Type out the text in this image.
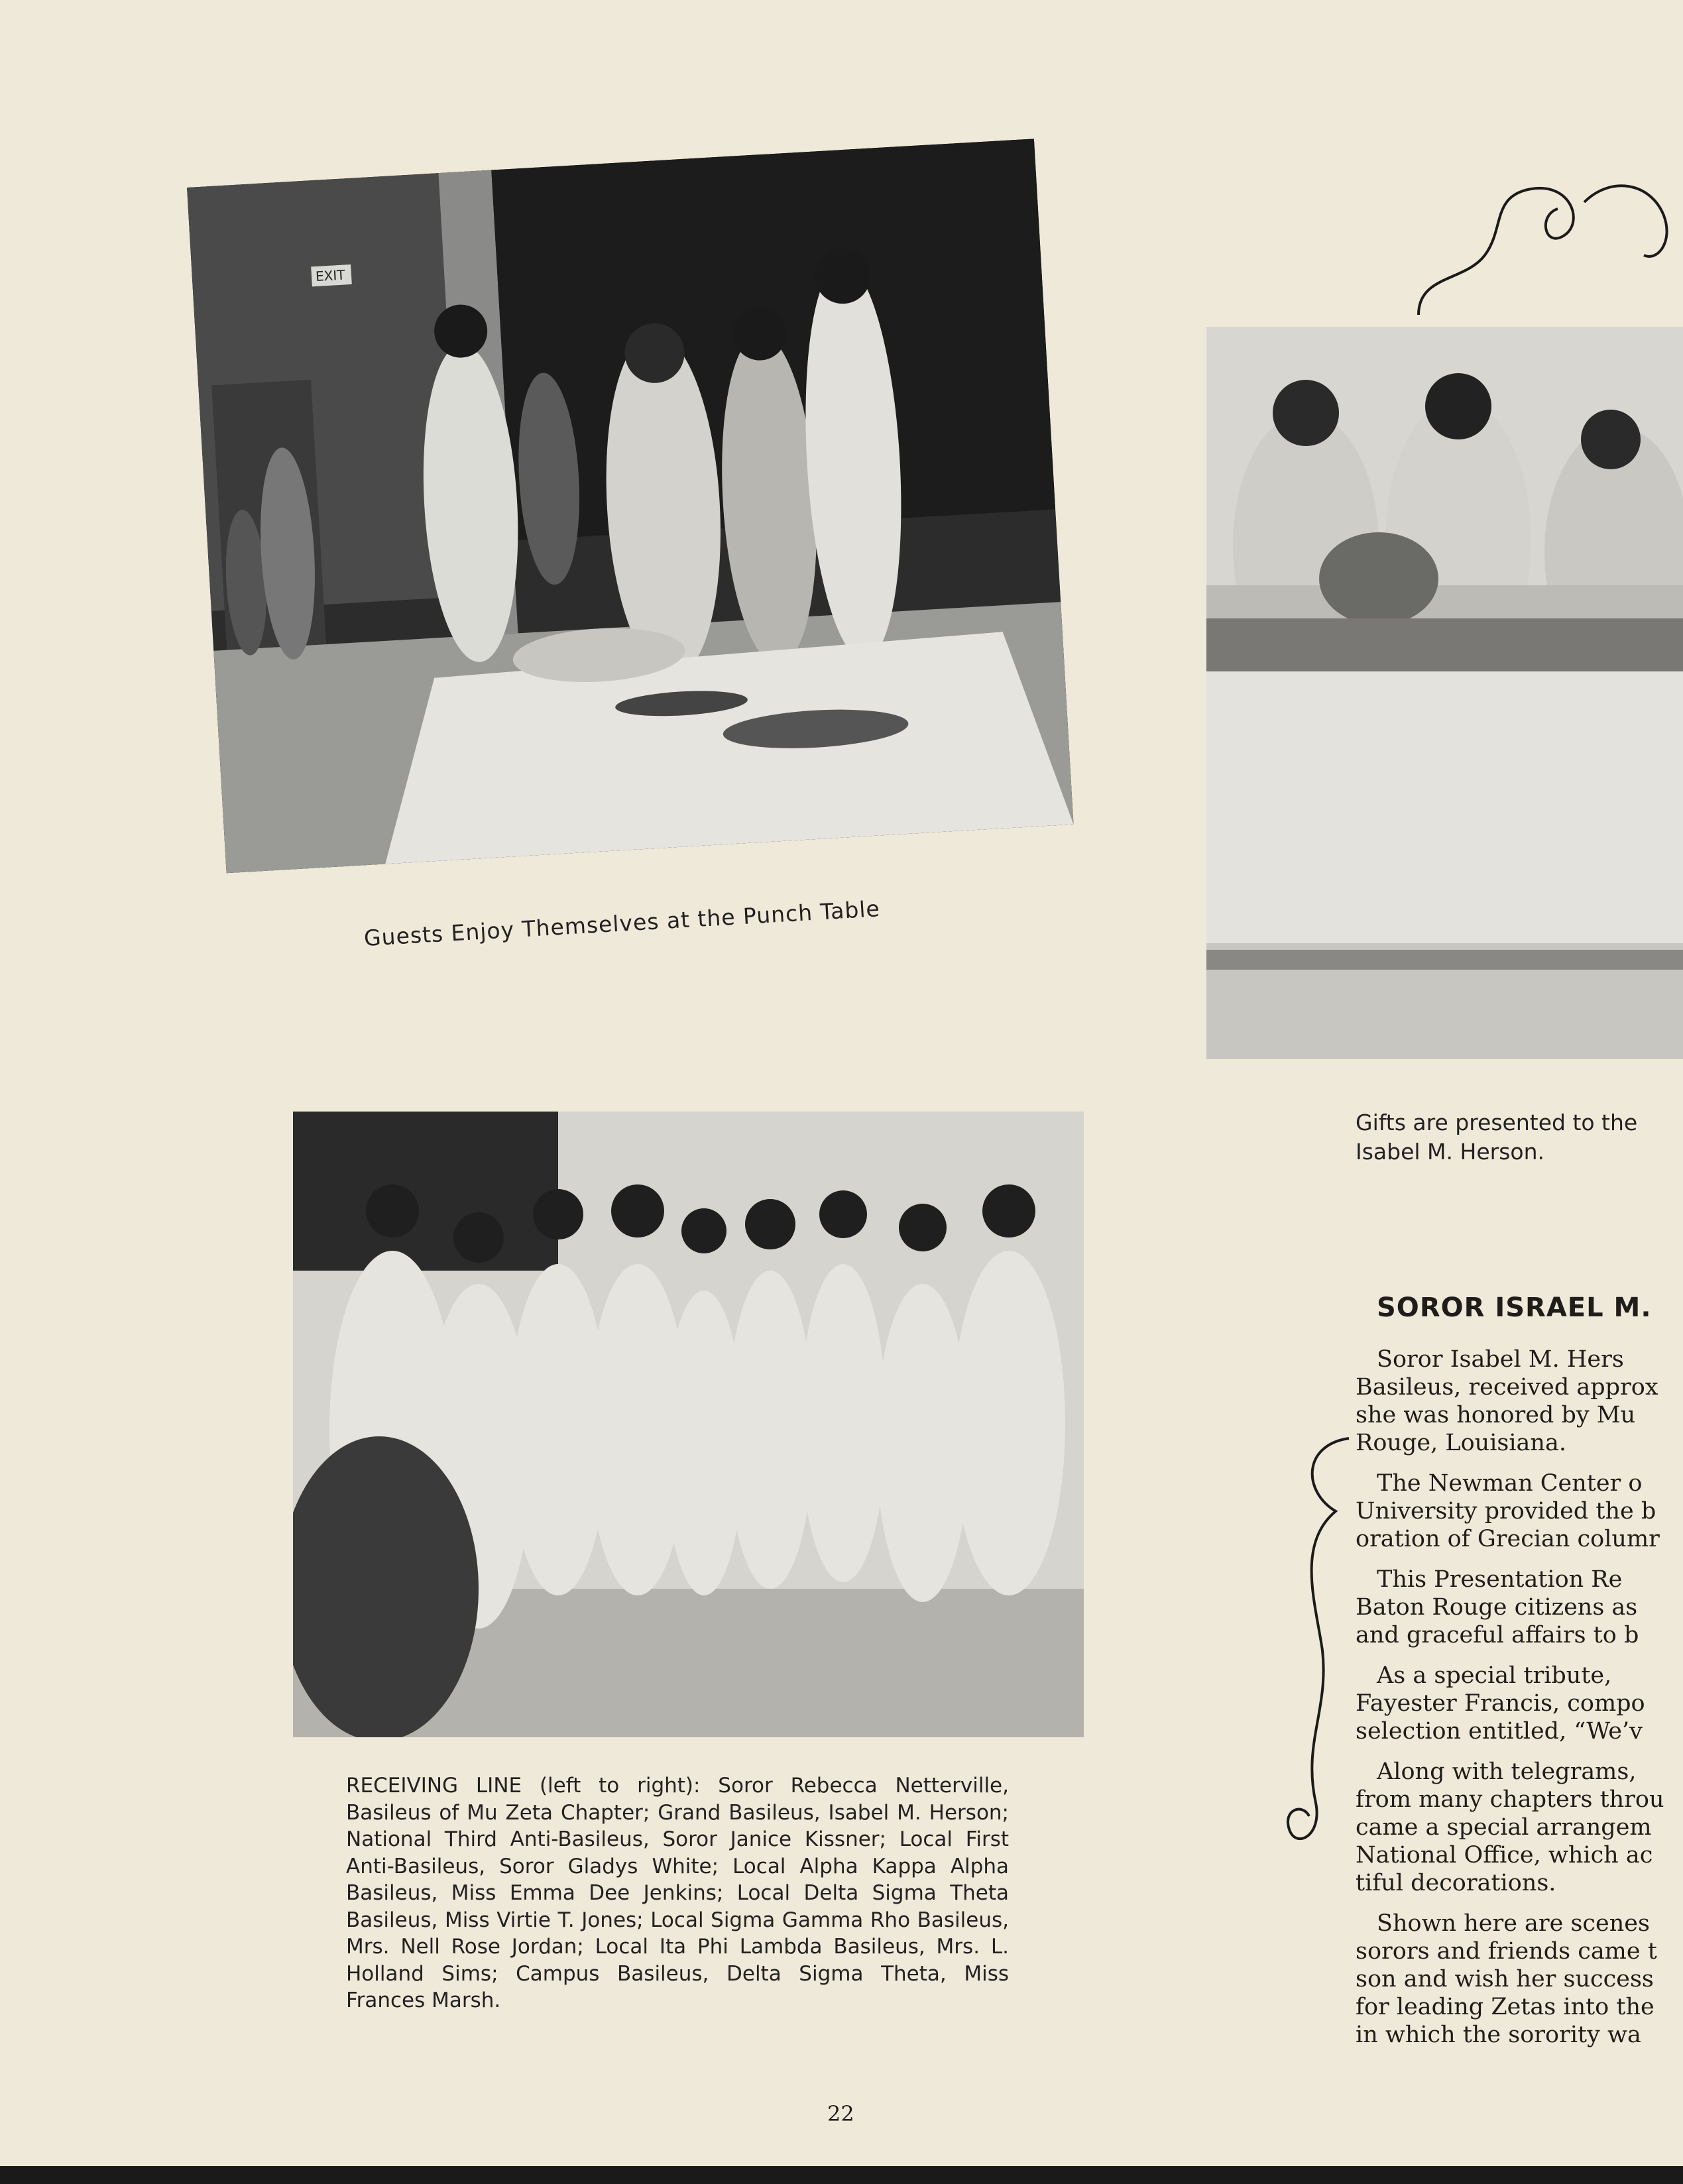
EXIT
Guests Enjoy Themselves at the Punch Table
Gifts are presented to the
Isabel M. Herson.
RECEIVING LINE (left to right): Soror Rebecca Netterville, Basileus of Mu Zeta Chapter; Grand Basileus, Isabel M. Herson; National Third Anti-Basileus, Soror Janice Kissner; Local First Anti-Basileus, Soror Gladys White; Local Alpha Kappa Alpha Basileus, Miss Emma Dee Jenkins; Local Delta Sigma Theta Basileus, Miss Virtie T. Jones; Local Sigma Gamma Rho Basileus, Mrs. Nell Rose Jordan; Local Ita Phi Lambda Basileus, Mrs. L. Holland Sims; Campus Basileus, Delta Sigma Theta, Miss Frances Marsh.
SOROR ISRAEL M.

Soror Isabel M. Hers
Basileus, received approx
she was honored by Mu
Rouge, Louisiana.

The Newman Center o
University provided the b
oration of Grecian columr

This Presentation Re
Baton Rouge citizens as
and graceful affairs to b

As a special tribute,
Fayester Francis, compo
selection entitled, “We’v

Along with telegrams,
from many chapters throu
came a special arrangem
National Office, which ac
tiful decorations.

Shown here are scenes
sorors and friends came t
son and wish her success
for leading Zetas into the
in which the sorority wa

22
